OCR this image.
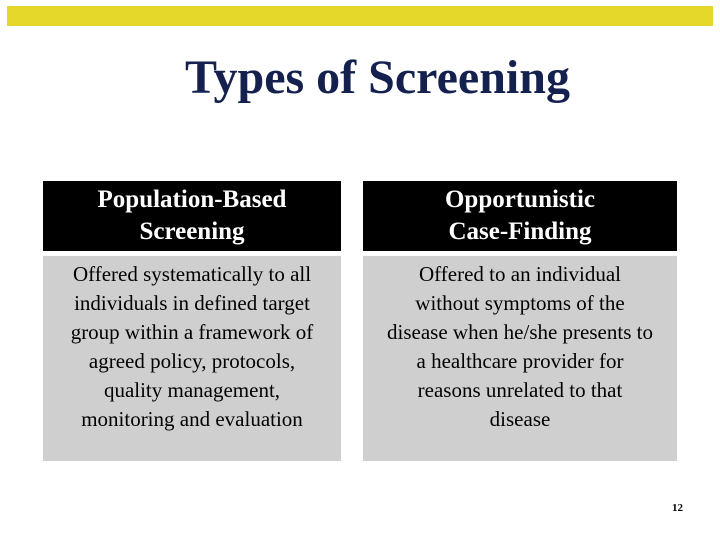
Types of Screening
Population-Based
Screening
Offered systematically to all
individuals in defined target
group within a framework of
agreed policy, protocols,
quality management,
monitoring and evaluation
Opportunistic
Case-Finding
Offered to an individual
without symptoms of the
disease when he/she presents to
a healthcare provider for
reasons unrelated to that
disease
12
